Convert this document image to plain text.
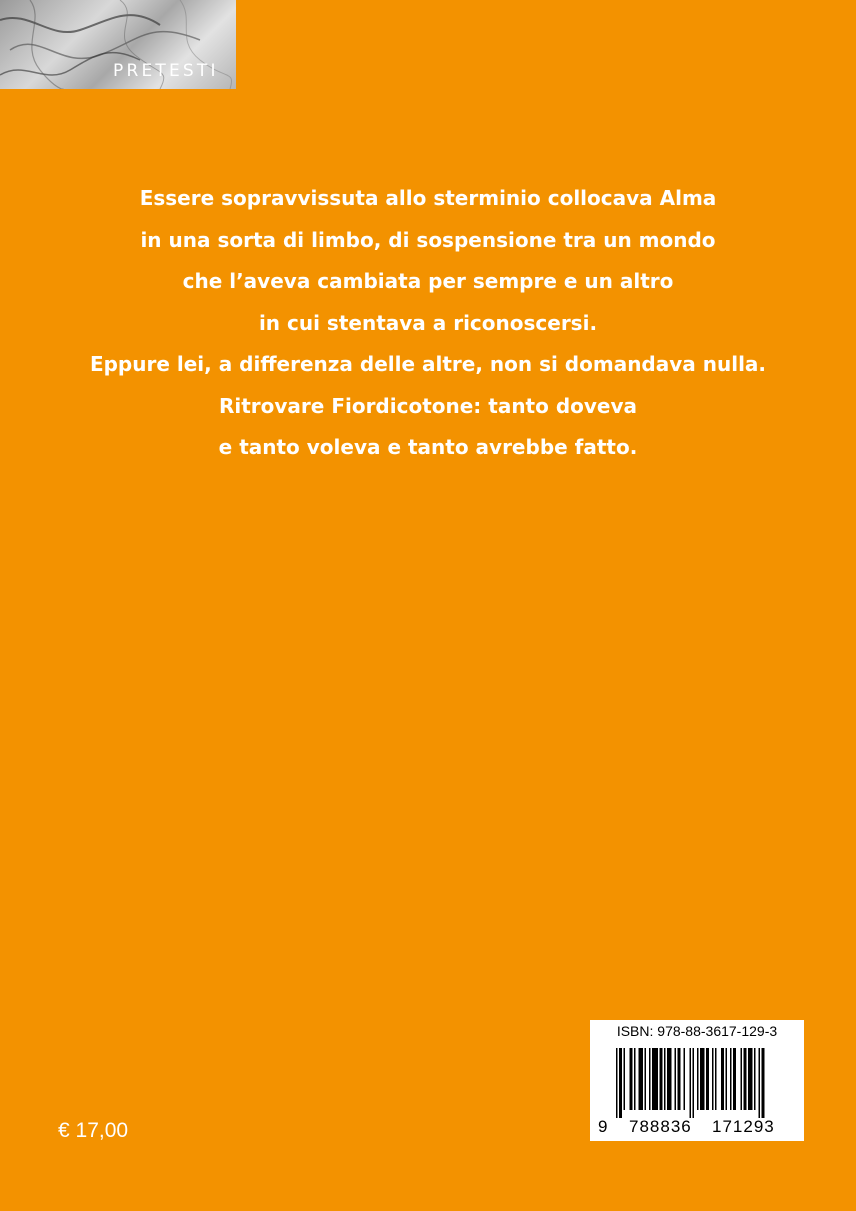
PRETESTI
Essere sopravvissuta allo sterminio collocava Alma
in una sorta di limbo, di sospensione tra un mondo
che l’aveva cambiata per sempre e un altro
in cui stentava a riconoscersi.
Eppure lei, a differenza delle altre, non si domandava nulla.
Ritrovare Fiordicotone: tanto doveva
e tanto voleva e tanto avrebbe fatto.
€ 17,00
ISBN: 978-88-3617-129-3
9 788836 171293
